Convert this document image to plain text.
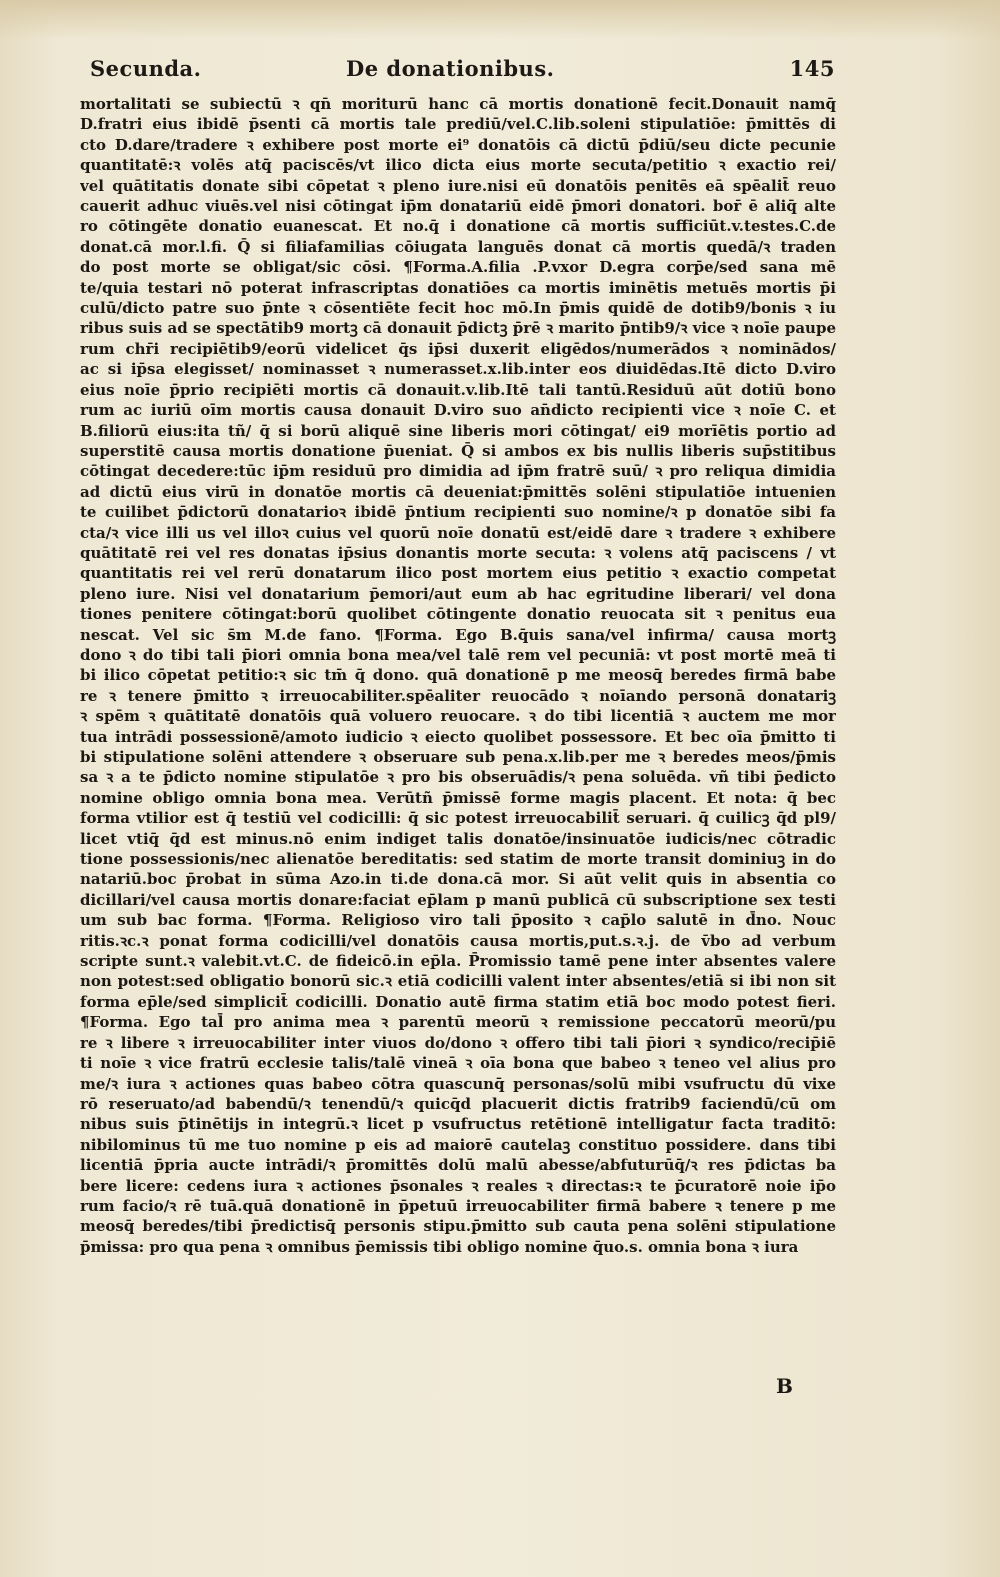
Secunda.	De donationibus.	145
mortalitati se subiectū ꝛ qn̄ moriturū hanc cā mortis donationē fecit.Donauit namq̄
D.fratri eius ibidē p̄senti cā mortis tale prediū/vel.C.lib.soleni stipulatiōe: p̄mittēs di
cto D.dare/tradere ꝛ exhibere post morte ei⁹ donatōis cā dictū p̄diū/seu dicte pecunie
quantitatē:ꝛ volēs atq̄ paciscēs/vt ilico dicta eius morte secuta/petitio ꝛ exactio rei/
vel quātitatis donate sibi cōpetat ꝛ pleno iure.nisi eū donatōis penitēs eā spēalit̄ reuo
cauerit adhuc viuēs.vel nisi cōtingat ip̄m donatariū eidē p̄mori donatori. bor̄ ē aliq̄ alte
ro cōtingēte donatio euanescat. Et no.q̄ i donatione cā mortis sufficiūt.v.testes.C.de
donat.cā mor.l.fi. Q̄ si filiafamilias cōiugata languēs donat cā mortis quedā/ꝛ traden
do post morte se obligat/sic cōsi. ¶Forma.A.filia .P.vxor D.egra corp̄e/sed sana mē
te/quia testari nō poterat infrascriptas donatiōes ca mortis iminētis metuēs mortis p̄i
culū/dicto patre suo p̄nte ꝛ cōsentiēte fecit hoc mō.In p̄mis quidē de dotib9/bonis ꝛ iu
ribus suis ad se spectātib9 mortꝫ cā donauit p̄dictꝫ p̄rē ꝛ marito p̄ntib9/ꝛ vice ꝛ noīe paupe
rum chr̄i recipiētib9/eorū videlicet q̄s ip̄si duxerit eligēdos/numerādos ꝛ nominādos/
ac si ip̄sa elegisset/ nominasset ꝛ numerasset.x.lib.inter eos diuidēdas.Itē dicto D.viro
eius noīe p̄prio recipiēti mortis cā donauit.v.lib.Itē tali tantū.Residuū aūt dotiū bono
rum ac iuriū oīm mortis causa donauit D.viro suo an̄dicto recipienti vice ꝛ noīe C. et
B.filiorū eius:ita tñ/ q̄ si borū aliquē sine liberis mori cōtingat/ ei9 morīētis portio ad
superstitē causa mortis donatione p̄ueniat. Q̄ si ambos ex bis nullis liberis sup̄stitibus
cōtingat decedere:tūc ip̄m residuū pro dimidia ad ip̄m fratrē suū/ ꝛ pro reliqua dimidia
ad dictū eius virū in donatōe mortis cā deueniat:p̄mittēs solēni stipulatiōe intuenien
te cuilibet p̄dictorū donatarioꝛ ibidē p̄ntium recipienti suo nomine/ꝛ p donatōe sibi fa
cta/ꝛ vice illi us vel illoꝛ cuius vel quorū noīe donatū est/eidē dare ꝛ tradere ꝛ exhibere
quātitatē rei vel res donatas ip̄sius donantis morte secuta: ꝛ volens atq̄ paciscens / vt
quantitatis rei vel rerū donatarum ilico post mortem eius petitio ꝛ exactio competat
pleno iure. Nisi vel donatarium p̄emori/aut eum ab hac egritudine liberari/ vel dona
tiones penitere cōtingat:borū quolibet cōtingente donatio reuocata sit ꝛ penitus eua
nescat. Vel sic s̄m M.de fano. ¶Forma. Ego B.q̄uis sana/vel infirma/ causa mortꝫ
dono ꝛ do tibi tali p̄iori omnia bona mea/vel talē rem vel pecuniā: vt post mortē meā ti
bi ilico cōpetat petitio:ꝛ sic tm̄ q̄ dono. quā donationē p me meosq̄ beredes firmā babe
re ꝛ tenere p̄mitto ꝛ irreuocabiliter.spēaliter reuocādo ꝛ noīando personā donatariꝫ
ꝛ spēm ꝛ quātitatē donatōis quā voluero reuocare. ꝛ do tibi licentiā ꝛ auctem me mor
tua intrādi possessionē/amoto iudicio ꝛ eiecto quolibet possessore. Et bec oīa p̄mitto ti
bi stipulatione solēni attendere ꝛ obseruare sub pena.x.lib.per me ꝛ beredes meos/p̄mis
sa ꝛ a te p̄dicto nomine stipulatōe ꝛ pro bis obseruādis/ꝛ pena soluēda. vñ tibi p̄edicto
nomine obligo omnia bona mea. Verūtñ p̄missē forme magis placent. Et nota: q̄ bec
forma vtilior est q̄ testiū vel codicilli: q̄ sic potest irreuocabilit̄ seruari. q̄ cuilicꝫ q̄d pl9/
licet vtiq̄ q̄d est minus.nō enim indiget talis donatōe/insinuatōe iudicis/nec cōtradic
tione possessionis/nec alienatōe bereditatis: sed statim de morte transit dominiuꝫ in do
natariū.boc p̄robat in sūma Azo.in ti.de dona.cā mor. Si aūt velit quis in absentia co
dicillari/vel causa mortis donare:faciat ep̄lam p manū publicā cū subscriptione sex testi
um sub bac forma. ¶Forma. Religioso viro tali p̄posito ꝛ cap̄lo salutē in d̄no. Nouc
ritis.ꝛc.ꝛ ponat forma codicilli/vel donatōis causa mortis,put.s.ꝛ.j. de v̄bo ad verbum
scripte sunt.ꝛ valebit.vt.C. de fideicō.in ep̄la. P̄romissio tamē pene inter absentes valere
non potest:sed obligatio bonorū sic.ꝛ etiā codicilli valent inter absentes/etiā si ibi non sit
forma ep̄le/sed simplicit̄ codicilli. Donatio autē firma statim etiā boc modo potest fieri.
¶Forma. Ego tal̄ pro anima mea ꝛ parentū meorū ꝛ remissione peccatorū meorū/pu
re ꝛ libere ꝛ irreuocabiliter inter viuos do/dono ꝛ offero tibi tali p̄iori ꝛ syndico/recip̄iē
ti noīe ꝛ vice fratrū ecclesie talis/talē vineā ꝛ oīa bona que babeo ꝛ teneo vel alius pro
me/ꝛ iura ꝛ actiones quas babeo cōtra quascunq̄ personas/solū mibi vsufructu dū vixe
rō reseruato/ad babendū/ꝛ tenendū/ꝛ quicq̄d placuerit dictis fratrib9 faciendū/cū om
nibus suis p̄tinētijs in integrū.ꝛ licet p vsufructus retētionē intelligatur facta traditō:
nibilominus tū me tuo nomine p eis ad maiorē cautelaꝫ constituo possidere. dans tibi
licentiā p̄pria aucte intrādi/ꝛ p̄romittēs dolū malū abesse/abfuturūq̄/ꝛ res p̄dictas ba
bere licere: cedens iura ꝛ actiones p̄sonales ꝛ reales ꝛ directas:ꝛ te p̄curatorē noie ip̄o
rum facio/ꝛ rē tuā.quā donationē in p̄petuū irreuocabiliter firmā babere ꝛ tenere p me
meosq̄ beredes/tibi p̄redictisq̄ personis stipu.p̄mitto sub cauta pena solēni stipulatione
p̄missa: pro qua pena ꝛ omnibus p̄emissis tibi obligo nomine q̄uo.s. omnia bona ꝛ iura
B
